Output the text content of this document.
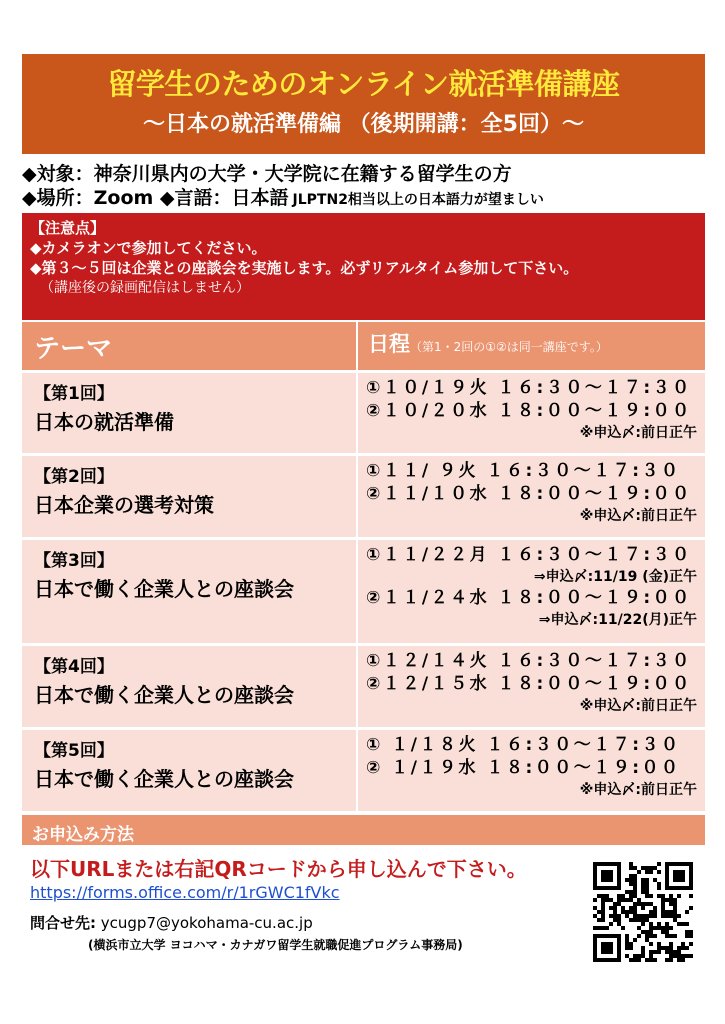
留学生のためのオンライン就活準備講座
～日本の就活準備編 （後期開講：全5回）～
◆対象：神奈川県内の大学・大学院に在籍する留学生の方
◆場所：Zoom ◆言語：日本語 JLPTN2相当以上の日本語力が望ましい
【注意点】
◆カメラオンで参加してください。
◆第３～５回は企業との座談会を実施します。必ずリアルタイム参加して下さい。
（講座後の録画配信はしません）
テーマ	日程（第1・2回の①②は同一講座です。）
【第1回】
日本の就活準備
①１０/１９火 １６:３０～１７:３０
②１０/２０水 １８:００～１９:００
※申込〆:前日正午
【第2回】
日本企業の選考対策
①１１/ ９火 １６:３０～１７:３０
②１１/１０水 １８:００～１９:００
※申込〆:前日正午
【第3回】
日本で働く企業人との座談会
①１１/２２月 １６:３０～１７:３０
⇒申込〆:11/19 (金)正午
②１１/２４水 １８:００～１９:００
⇒申込〆:11/22(月)正午
【第4回】
日本で働く企業人との座談会
①１２/１４火 １６:３０～１７:３０
②１２/１５水 １８:００～１９:００
※申込〆:前日正午
【第5回】
日本で働く企業人との座談会
① １/１８火 １６:３０～１７:３０
② １/１９水 １８:００～１９:００
※申込〆:前日正午
お申込み方法
以下URLまたは右記QRコードから申し込んで下さい。
https://forms.office.com/r/1rGWC1fVkc
問合せ先: ycugp7@yokohama-cu.ac.jp
(横浜市立大学 ヨコハマ・カナガワ留学生就職促進プログラム事務局)
